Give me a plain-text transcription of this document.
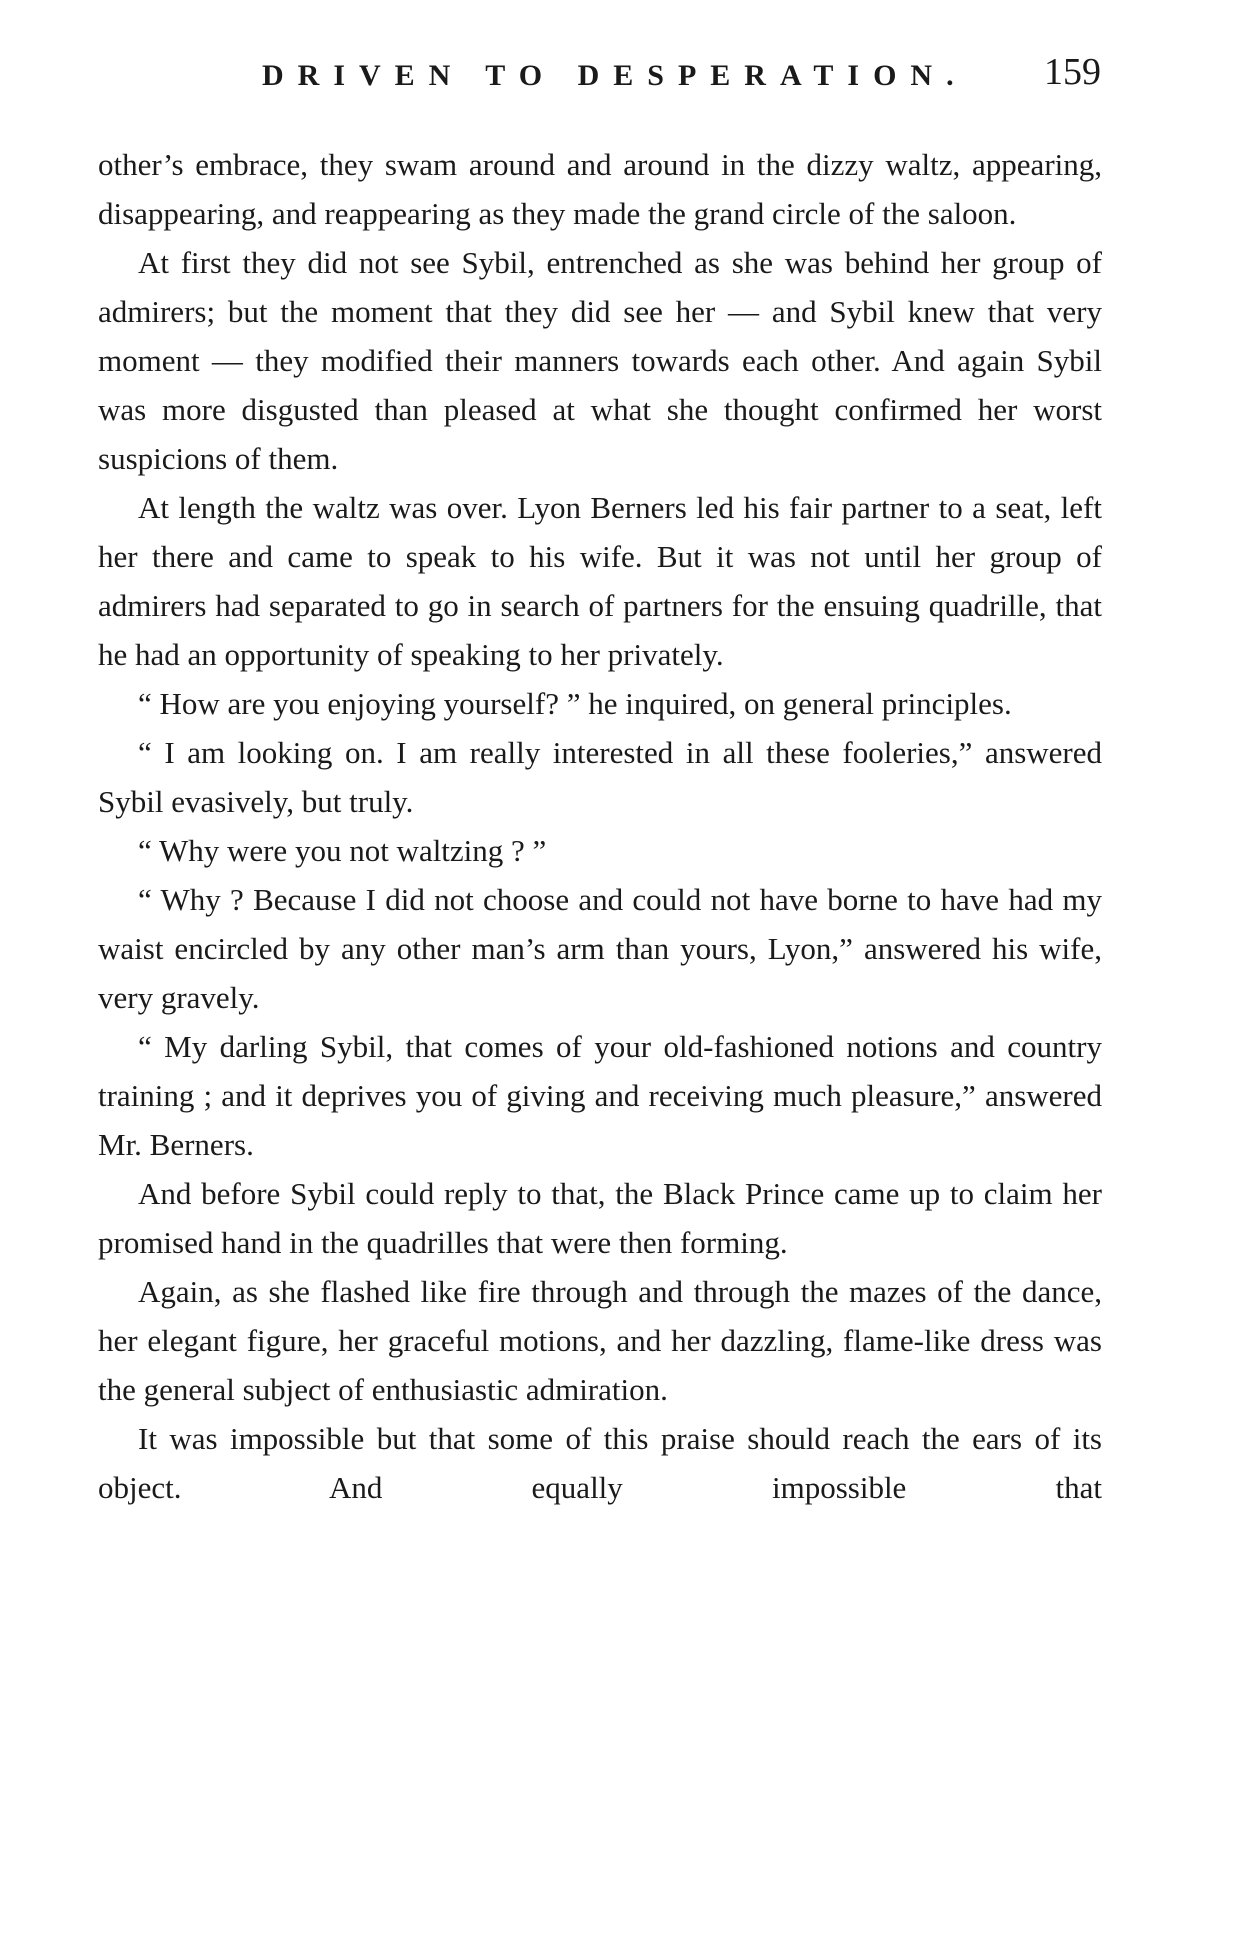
DRIVEN TO DESPERATION. 159

other’s embrace, they swam around and around in the dizzy waltz, appearing, disappearing, and reappearing as they made the grand circle of the saloon.

At first they did not see Sybil, entrenched as she was behind her group of admirers; but the moment that they did see her — and Sybil knew that very moment — they modified their manners towards each other. And again Sybil was more disgusted than pleased at what she thought confirmed her worst suspicions of them.

At length the waltz was over. Lyon Berners led his fair partner to a seat, left her there and came to speak to his wife. But it was not until her group of admirers had separated to go in search of partners for the ensuing quadrille, that he had an opportunity of speaking to her privately.

“ How are you enjoying yourself? ” he inquired, on general principles.

“ I am looking on. I am really interested in all these fooleries,” answered Sybil evasively, but truly.

“ Why were you not waltzing ? ”

“ Why ? Because I did not choose and could not have borne to have had my waist encircled by any other man’s arm than yours, Lyon,” answered his wife, very gravely.

“ My darling Sybil, that comes of your old-fashioned notions and country training ; and it deprives you of giving and receiving much pleasure,” answered Mr. Berners.

And before Sybil could reply to that, the Black Prince came up to claim her promised hand in the quadrilles that were then forming.

Again, as she flashed like fire through and through the mazes of the dance, her elegant figure, her graceful motions, and her dazzling, flame-like dress was the general subject of enthusiastic admiration.

It was impossible but that some of this praise should reach the ears of its object. And equally impossible that
